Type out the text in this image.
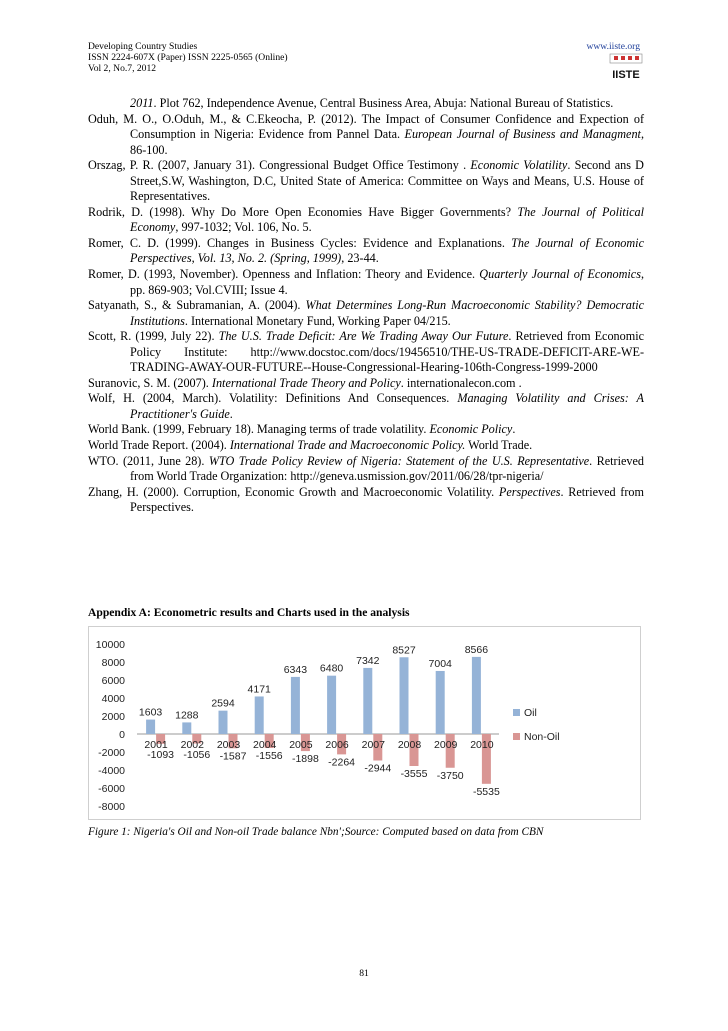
Developing Country Studies
ISSN 2224-607X (Paper) ISSN 2225-0565 (Online)
Vol 2, No.7, 2012
www.iiste.org
IISTE

2011. Plot 762, Independence Avenue, Central Business Area, Abuja: National Bureau of Statistics.

Oduh, M. O., O.Oduh, M., & C.Ekeocha, P. (2012). The Impact of Consumer Confidence and Expection of Consumption in Nigeria: Evidence from Pannel Data. European Journal of Business and Managment, 86-100.

Orszag, P. R. (2007, January 31). Congressional Budget Office Testimony . Economic Volatility. Second ans D Street,S.W, Washington, D.C, United State of America: Committee on Ways and Means, U.S. House of Representatives.

Rodrik, D. (1998). Why Do More Open Economies Have Bigger Governments? The Journal of Political Economy, 997-1032; Vol. 106, No. 5.

Romer, C. D. (1999). Changes in Business Cycles: Evidence and Explanations. The Journal of Economic Perspectives, Vol. 13, No. 2. (Spring, 1999), 23-44.

Romer, D. (1993, November). Openness and Inflation: Theory and Evidence. Quarterly Journal of Economics, pp. 869-903; Vol.CVIII; Issue 4.

Satyanath, S., & Subramanian, A. (2004). What Determines Long-Run Macroeconomic Stability? Democratic Institutions. International Monetary Fund, Working Paper 04/215.

Scott, R. (1999, July 22). The U.S. Trade Deficit: Are We Trading Away Our Future. Retrieved from Economic Policy Institute: http://www.docstoc.com/docs/19456510/THE-US-TRADE-DEFICIT-ARE-WE-TRADING-AWAY-OUR-FUTURE--House-Congressional-Hearing-106th-Congress-1999-2000

Suranovic, S. M. (2007). International Trade Theory and Policy. internationalecon.com .

Wolf, H. (2004, March). Volatility: Definitions And Consequences. Managing Volatility and Crises: A Practitioner's Guide.

World Bank. (1999, February 18). Managing terms of trade volatility. Economic Policy.

World Trade Report. (2004). International Trade and Macroeconomic Policy. World Trade.

WTO. (2011, June 28). WTO Trade Policy Review of Nigeria: Statement of the U.S. Representative. Retrieved from World Trade Organization: http://geneva.usmission.gov/2011/06/28/tpr-nigeria/

Zhang, H. (2000). Corruption, Economic Growth and Macroeconomic Volatility. Perspectives. Retrieved from Perspectives.

Appendix A: Econometric results and Charts used in the analysis
10000
8000
6000
4000
2000
0
-2000
-4000
-6000
-8000
2001
1603
-1093
2002
1288
-1056
2003
2594
-1587
2004
4171
-1556
2005
6343
-1898
2006
6480
-2264
2007
7342
-2944
2008
8527
-3555
2009
7004
-3750
2010
8566
-5535
Oil
Non-Oil
Figure 1: Nigeria's Oil and Non-oil Trade balance Nbn';Source: Computed based on data from CBN
81
